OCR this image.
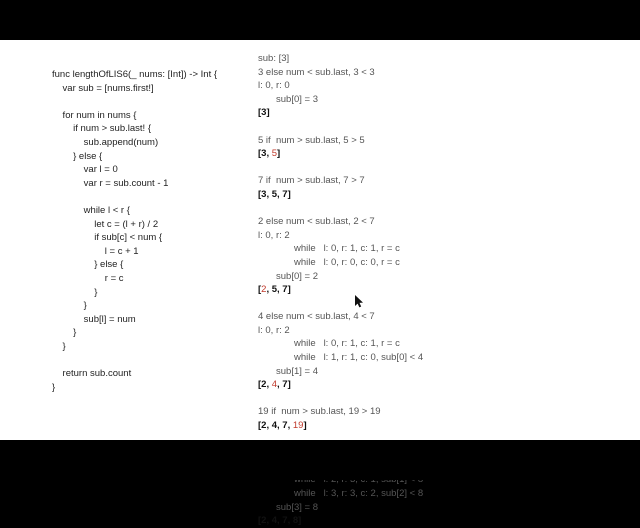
func lengthOfLIS6(_ nums: [Int]) -> Int {
var sub = [nums.first!]

for num in nums {
if num > sub.last! {
sub.append(num)
} else {
var l = 0
var r = sub.count - 1

while l < r {
let c = (l + r) / 2
if sub[c] < num {
l = c + 1
} else {
r = c
}
}
sub[l] = num
}
}

return sub.count
}
sub: [3]
3 else num < sub.last, 3 < 3
l: 0, r: 0
sub[0] = 3
[3]

5 if  num > sub.last, 5 > 5
[3, 5]

7 if  num > sub.last, 7 > 7
[3, 5, 7]

2 else num < sub.last, 2 < 7
l: 0, r: 2
while   l: 0, r: 1, c: 1, r = c
while   l: 0, r: 0, c: 0, r = c
sub[0] = 2
[2, 5, 7]

4 else num < sub.last, 4 < 7
l: 0, r: 2
while   l: 0, r: 1, c: 1, r = c
while   l: 1, r: 1, c: 0, sub[0] < 4
sub[1] = 4
[2, 4, 7]

19 if  num > sub.last, 19 > 19
[2, 4, 7, 19]

while   l: 3, r: 3, c: 2, sub[2] < 8
sub[3] = 8
[2, 4, 7, 8]
